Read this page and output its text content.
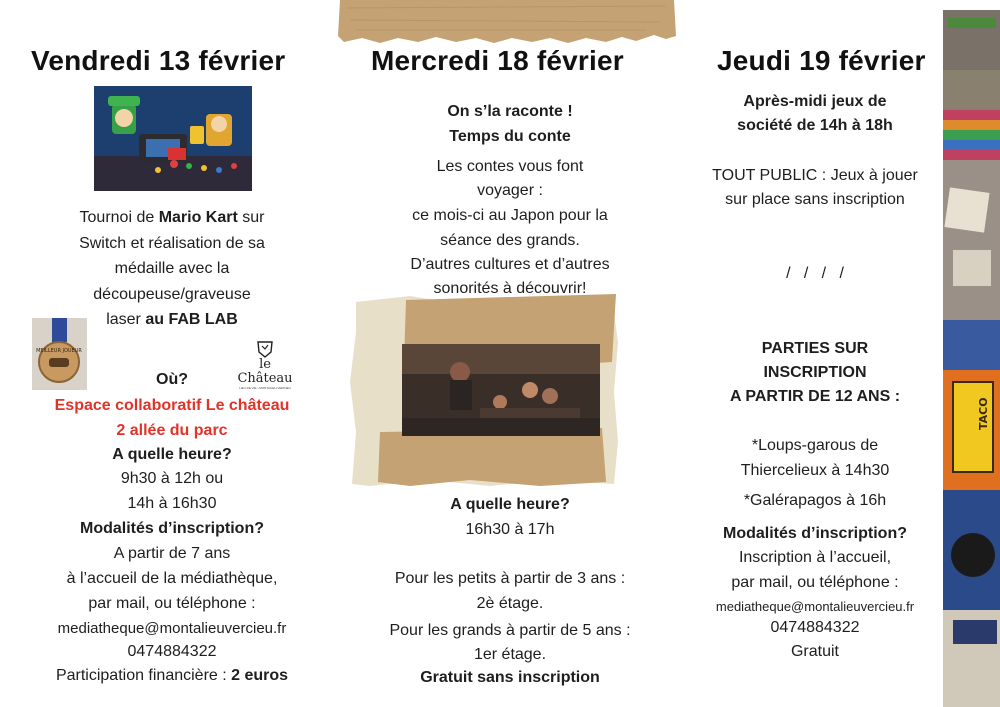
Vendredi 13 février
Tournoi de Mario Kart sur
Switch et réalisation de sa
médaille avec la
découpeuse/graveuse
laser au FAB LAB
MEILLEUR JOUEUR
le Château
LIEU DE VIE • MONTALIEU-VERCIEU
Où?
Espace collaboratif Le château
2 allée du parc
A quelle heure?
9h30 à 12h ou
14h à 16h30
Modalités d’inscription?
A partir de 7 ans
à l’accueil de la médiathèque,
par mail, ou téléphone :
mediatheque@montalieuvercieu.fr
0474884322
Participation financière : 2 euros
Mercredi 18 février
On s’la raconte !
Temps du conte
Les contes vous font
voyager :
ce mois-ci au Japon pour la
séance des grands.
D’autres cultures et d’autres
sonorités à découvrir!
A quelle heure?
16h30 à 17h
Pour les petits à partir de 3 ans :
2è étage.
Pour les grands à partir de 5 ans :
1er étage.
Gratuit sans inscription
Jeudi 19 février
Après-midi jeux de
société de 14h à 18h
TOUT PUBLIC : Jeux à jouer
sur place sans inscription
/   /   /   /
PARTIES SUR
INSCRIPTION
A PARTIR DE 12 ANS :
*Loups-garous de
Thiercelieux à 14h30
*Galérapagos à 16h
Modalités d’inscription?
Inscription à l’accueil,
par mail, ou téléphone :
mediatheque@montalieuvercieu.fr
0474884322
Gratuit
TACO
